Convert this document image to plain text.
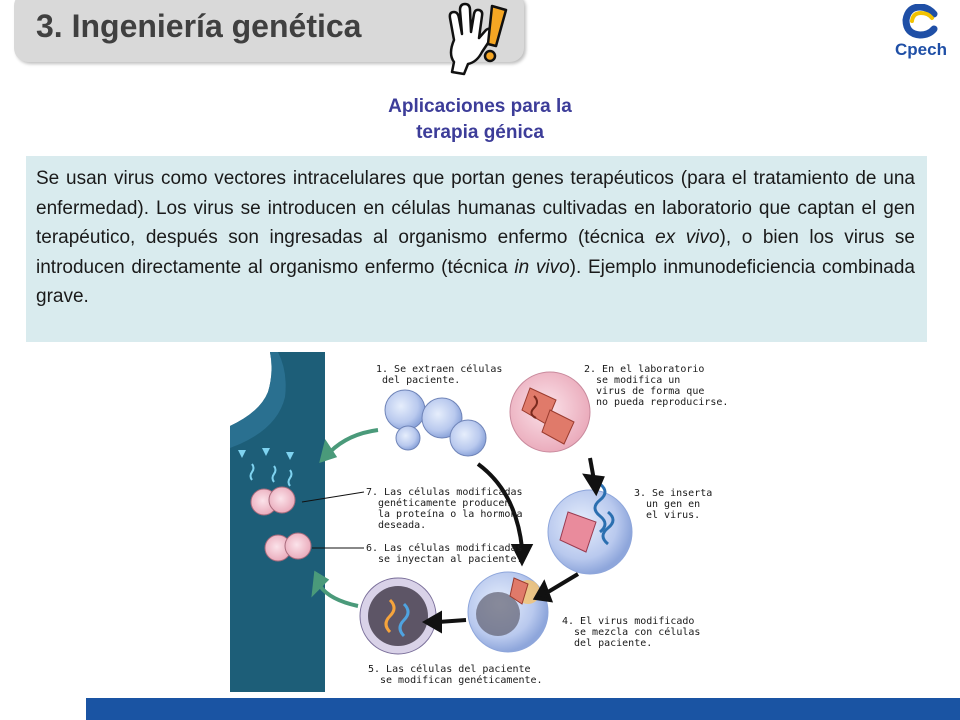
3. Ingeniería genética
Cpech
Aplicaciones para la
terapia génica

Se usan virus como vectores intracelulares que portan genes terapéuticos (para el tratamiento de una enfermedad). Los virus se introducen en células humanas cultivadas en laboratorio que captan el gen terapéutico, después son ingresadas al organismo enfermo (técnica ex vivo), o bien los virus se introducen directamente al organismo enfermo (técnica in vivo). Ejemplo inmunodeficiencia combinada grave.

1. Se extraen células del paciente.
2. En el laboratorio se modifica un virus de forma que no pueda reproducirse.
3. Se inserta un gen en el virus.
4. El virus modificado se mezcla con células del paciente.
5. Las células del paciente se modifican genéticamente.
6. Las células modificadas se inyectan al paciente.
7. Las células modificadas genéticamente producen la proteína o la hormona deseada.
